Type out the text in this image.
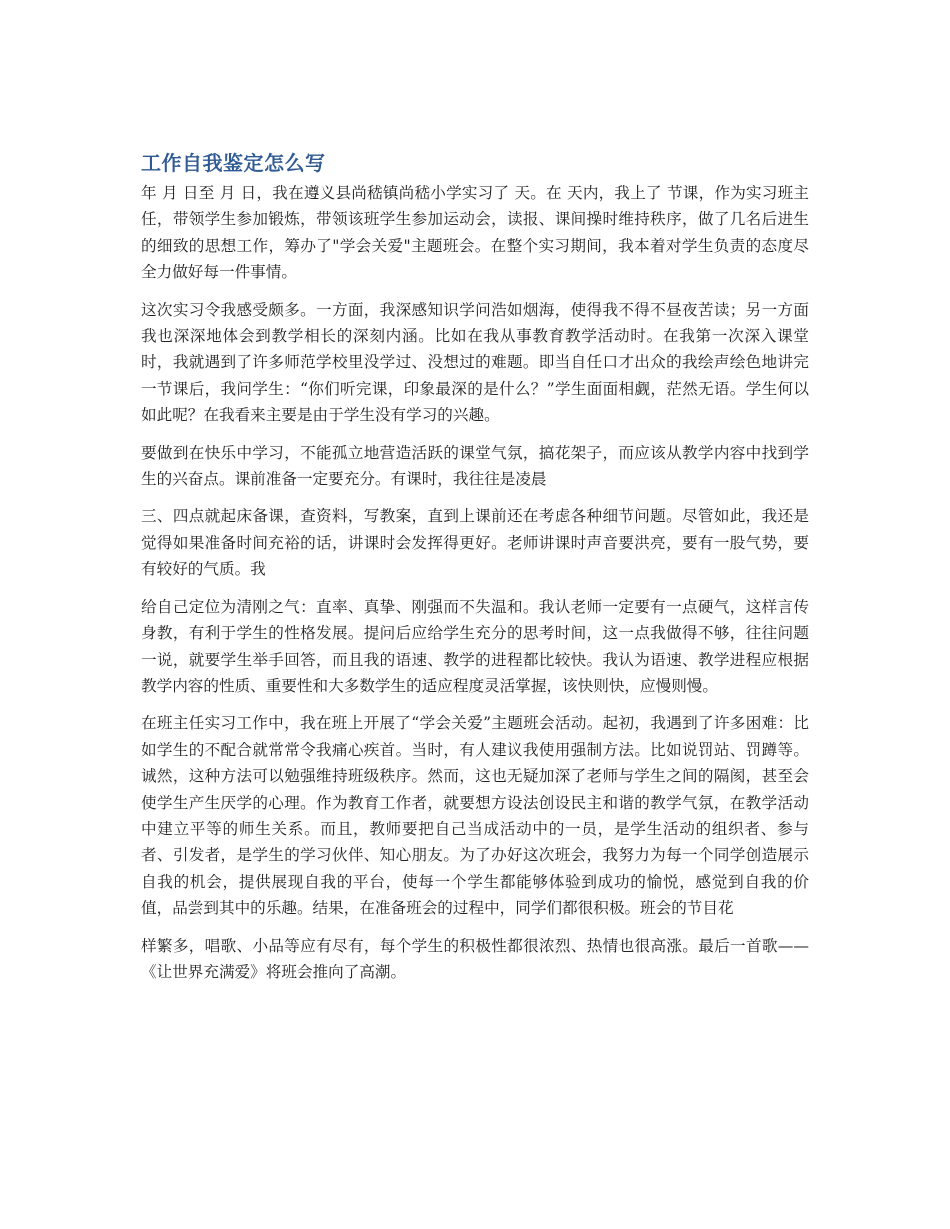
工作自我鉴定怎么写

年 月 日至 月 日，我在遵义县尚嵇镇尚嵇小学实习了 天。在 天内，我上了 节课，作为实习班主任，带领学生参加锻炼，带领该班学生参加运动会，读报、课间操时维持秩序，做了几名后进生的细致的思想工作，筹办了"学会关爱"主题班会。在整个实习期间，我本着对学生负责的态度尽全力做好每一件事情。

这次实习令我感受颇多。一方面，我深感知识学问浩如烟海，使得我不得不昼夜苦读；另一方面我也深深地体会到教学相长的深刻内涵。比如在我从事教育教学活动时。在我第一次深入课堂时，我就遇到了许多师范学校里没学过、没想过的难题。即当自任口才出众的我绘声绘色地讲完一节课后，我问学生：“你们听完课，印象最深的是什么？”学生面面相觑，茫然无语。学生何以如此呢？在我看来主要是由于学生没有学习的兴趣。

要做到在快乐中学习，不能孤立地营造活跃的课堂气氛，搞花架子，而应该从教学内容中找到学生的兴奋点。课前准备一定要充分。有课时，我往往是凌晨

三、四点就起床备课，查资料，写教案，直到上课前还在考虑各种细节问题。尽管如此，我还是觉得如果准备时间充裕的话，讲课时会发挥得更好。老师讲课时声音要洪亮，要有一股气势，要有较好的气质。我

给自己定位为清刚之气：直率、真挚、刚强而不失温和。我认老师一定要有一点硬气，这样言传身教，有利于学生的性格发展。提问后应给学生充分的思考时间，这一点我做得不够，往往问题一说，就要学生举手回答，而且我的语速、教学的进程都比较快。我认为语速、教学进程应根据教学内容的性质、重要性和大多数学生的适应程度灵活掌握，该快则快，应慢则慢。

在班主任实习工作中，我在班上开展了“学会关爱”主题班会活动。起初，我遇到了许多困难：比如学生的不配合就常常令我痛心疾首。当时，有人建议我使用强制方法。比如说罚站、罚蹲等。诚然，这种方法可以勉强维持班级秩序。然而，这也无疑加深了老师与学生之间的隔阂，甚至会使学生产生厌学的心理。作为教育工作者，就要想方设法创设民主和谐的教学气氛，在教学活动中建立平等的师生关系。而且，教师要把自己当成活动中的一员，是学生活动的组织者、参与者、引发者，是学生的学习伙伴、知心朋友。为了办好这次班会，我努力为每一个同学创造展示自我的机会，提供展现自我的平台，使每一个学生都能够体验到成功的愉悦，感觉到自我的价值，品尝到其中的乐趣。结果，在准备班会的过程中，同学们都很积极。班会的节目花

样繁多，唱歌、小品等应有尽有，每个学生的积极性都很浓烈、热情也很高涨。最后一首歌——《让世界充满爱》将班会推向了高潮。
